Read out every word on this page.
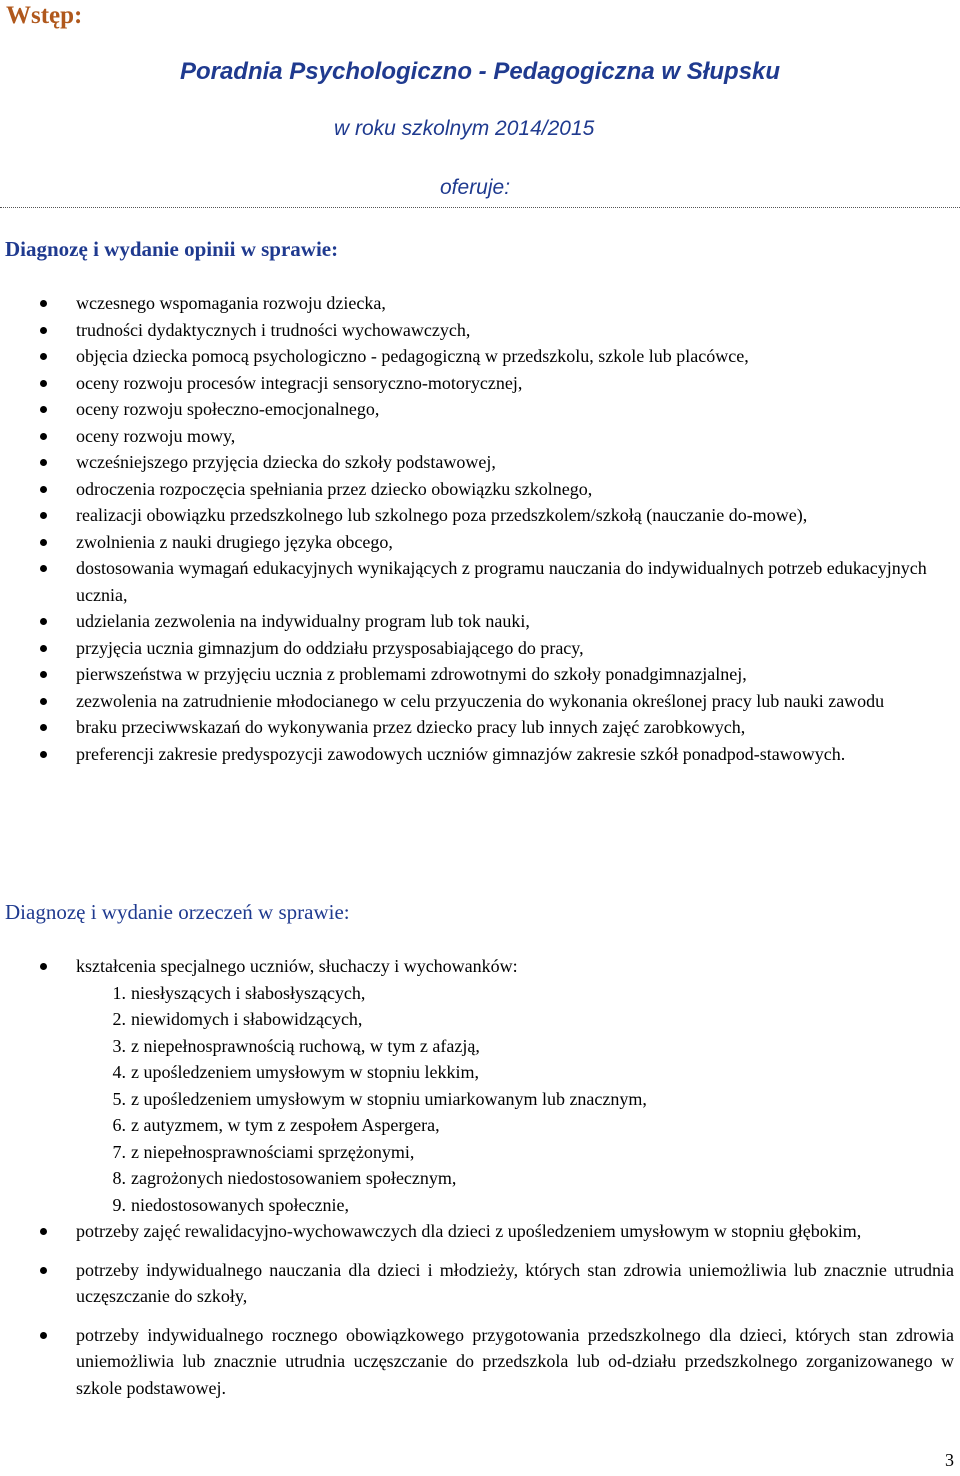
Wstęp:
Poradnia Psychologiczno - Pedagogiczna w Słupsku
w roku szkolnym 2014/2015
oferuje:
Diagnozę i wydanie opinii w sprawie:
wczesnego wspomagania rozwoju dziecka,
trudności dydaktycznych i trudności wychowawczych,
objęcia dziecka pomocą psychologiczno - pedagogiczną w przedszkolu, szkole lub placówce,
oceny rozwoju procesów integracji sensoryczno-motorycznej,
oceny rozwoju społeczno-emocjonalnego,
oceny rozwoju mowy,
wcześniejszego przyjęcia dziecka do szkoły podstawowej,
odroczenia rozpoczęcia spełniania przez dziecko obowiązku szkolnego,
realizacji obowiązku przedszkolnego lub szkolnego poza przedszkolem/szkołą (nauczanie do-mowe),
zwolnienia z nauki drugiego języka obcego,
dostosowania wymagań edukacyjnych wynikających z programu nauczania do indywidualnych potrzeb edukacyjnych ucznia,
udzielania zezwolenia na indywidualny program lub tok nauki,
przyjęcia ucznia gimnazjum do oddziału przysposabiającego do pracy,
pierwszeństwa w przyjęciu ucznia z problemami zdrowotnymi do szkoły ponadgimnazjalnej,
zezwolenia na zatrudnienie młodocianego w celu przyuczenia do wykonania określonej pracy lub nauki zawodu
braku przeciwwskazań do wykonywania przez dziecko pracy lub innych zajęć zarobkowych,
preferencji zakresie predyspozycji zawodowych uczniów gimnazjów zakresie szkół ponadpod-stawowych.
Diagnozę i wydanie orzeczeń w sprawie:
kształcenia specjalnego uczniów, słuchaczy i wychowanków:
1. niesłyszących i słabosłyszących,
2. niewidomych i słabowidzących,
3. z niepełnosprawnością ruchową, w tym z afazją,
4. z upośledzeniem umysłowym w stopniu lekkim,
5. z upośledzeniem umysłowym w stopniu umiarkowanym lub znacznym,
6. z autyzmem, w tym z zespołem Aspergera,
7. z niepełnosprawnościami sprzężonymi,
8. zagrożonych niedostosowaniem społecznym,
9. niedostosowanych społecznie,
potrzeby zajęć rewalidacyjno-wychowawczych dla dzieci z upośledzeniem umysłowym w stopniu głębokim,
potrzeby indywidualnego nauczania dla dzieci i młodzieży, których stan zdrowia uniemożliwia lub znacznie utrudnia uczęszczanie do szkoły,
potrzeby indywidualnego rocznego obowiązkowego przygotowania przedszkolnego dla dzieci, których stan zdrowia uniemożliwia lub znacznie utrudnia uczęszczanie do przedszkola lub od-działu przedszkolnego zorganizowanego w szkole podstawowej.
3
